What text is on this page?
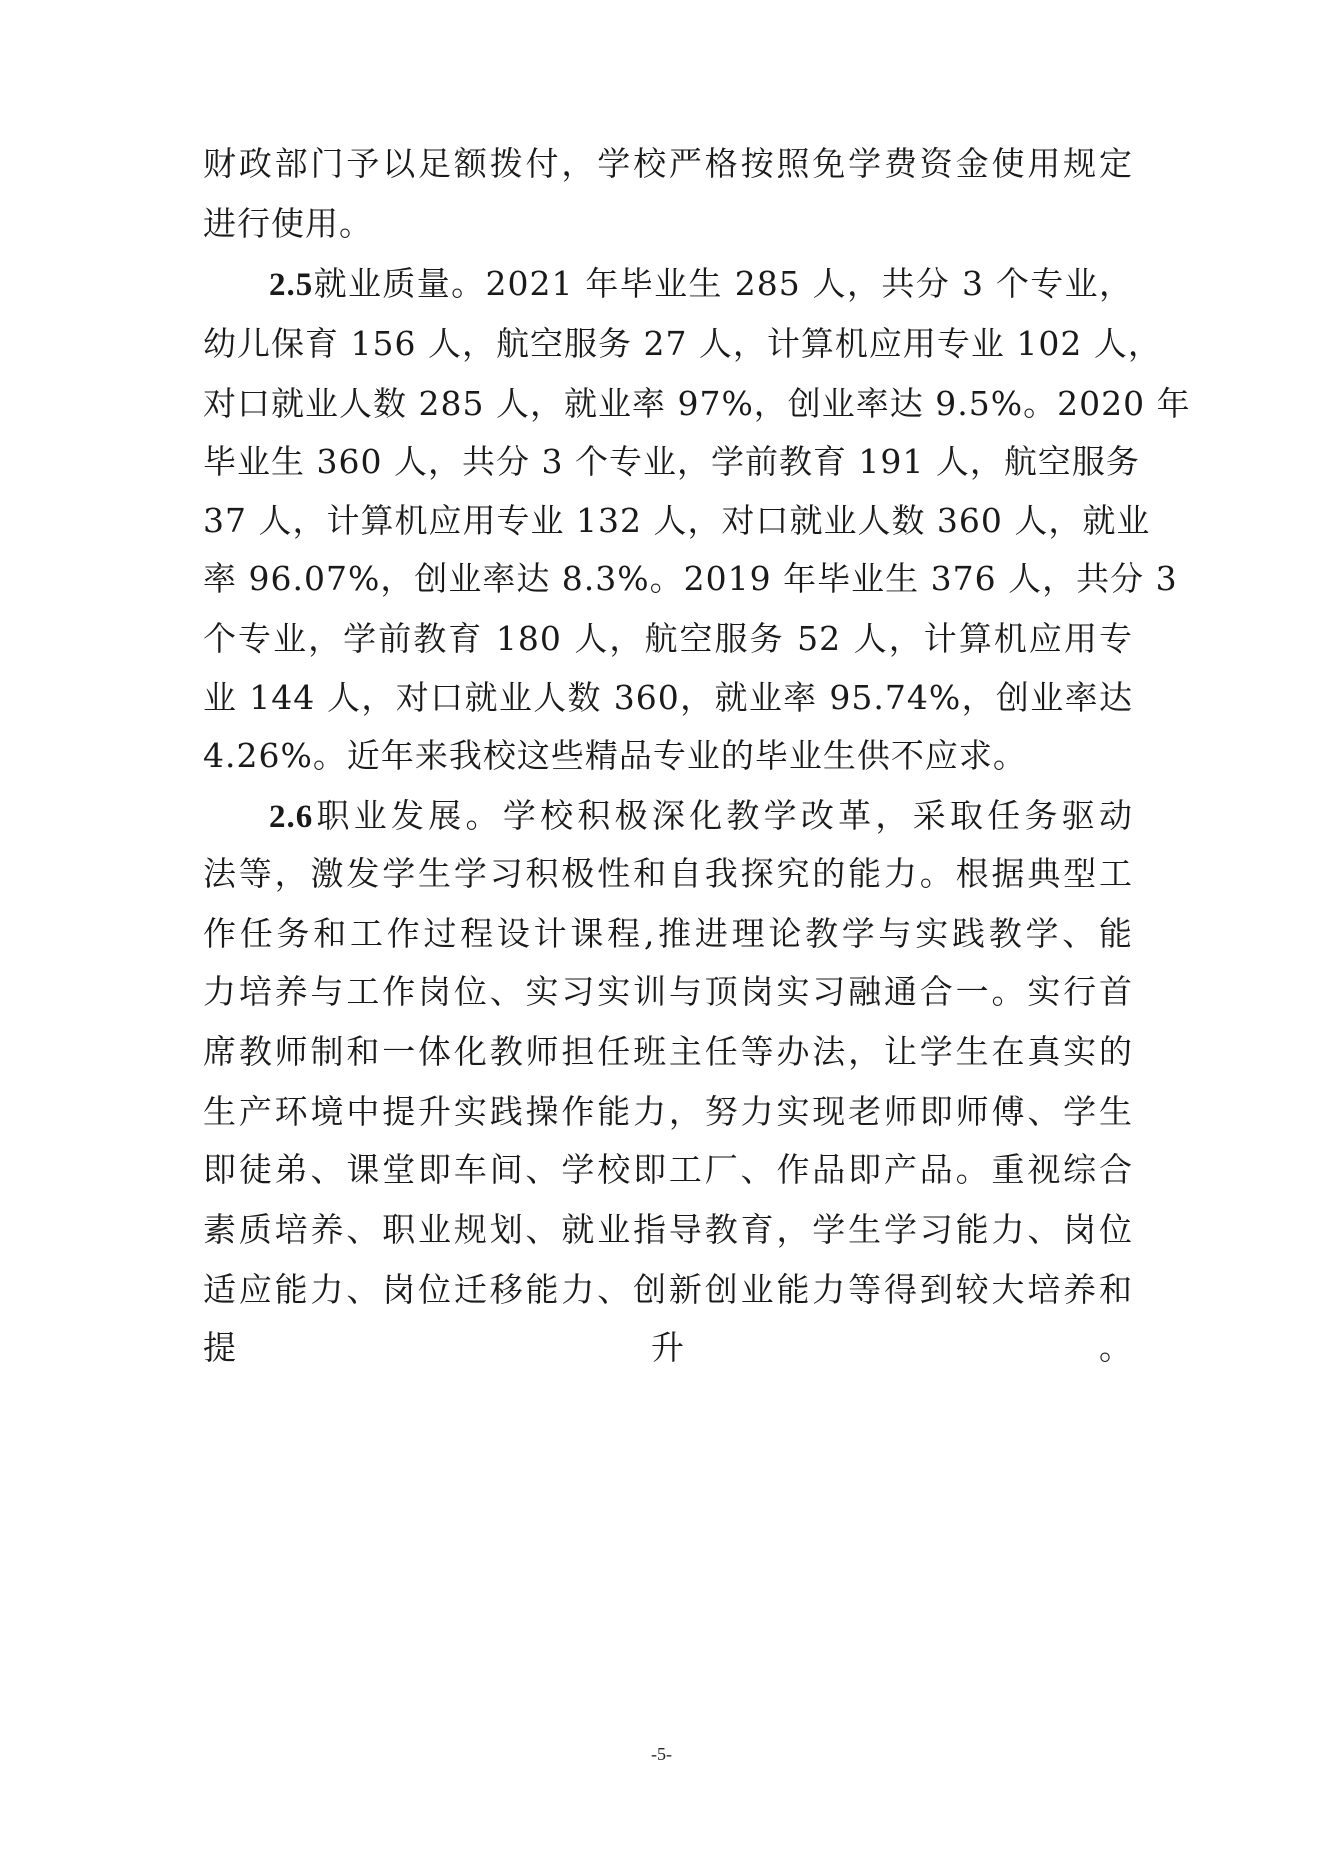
财政部门予以足额拨付，学校严格按照免学费资金使用规定
进行使用。
2.5就业质量。2021 年毕业生 285 人，共分 3 个专业，
幼儿保育 156 人，航空服务 27 人，计算机应用专业 102 人，
对口就业人数 285 人，就业率 97%，创业率达 9.5%。2020 年
毕业生 360 人，共分 3 个专业，学前教育 191 人，航空服务
37 人，计算机应用专业 132 人，对口就业人数 360 人，就业
率 96.07%，创业率达 8.3%。2019 年毕业生 376 人，共分 3
个专业，学前教育 180 人，航空服务 52 人，计算机应用专
业 144 人，对口就业人数 360，就业率 95.74%，创业率达
4.26%。近年来我校这些精品专业的毕业生供不应求。
2.6职业发展。学校积极深化教学改革，采取任务驱动
法等，激发学生学习积极性和自我探究的能力。根据典型工
作任务和工作过程设计课程,推进理论教学与实践教学、能
力培养与工作岗位、实习实训与顶岗实习融通合一。实行首
席教师制和一体化教师担任班主任等办法，让学生在真实的
生产环境中提升实践操作能力，努力实现老师即师傅、学生
即徒弟、课堂即车间、学校即工厂、作品即产品。重视综合
素质培养、职业规划、就业指导教育，学生学习能力、岗位
适应能力、岗位迁移能力、创新创业能力等得到较大培养和
提升。
-5-
